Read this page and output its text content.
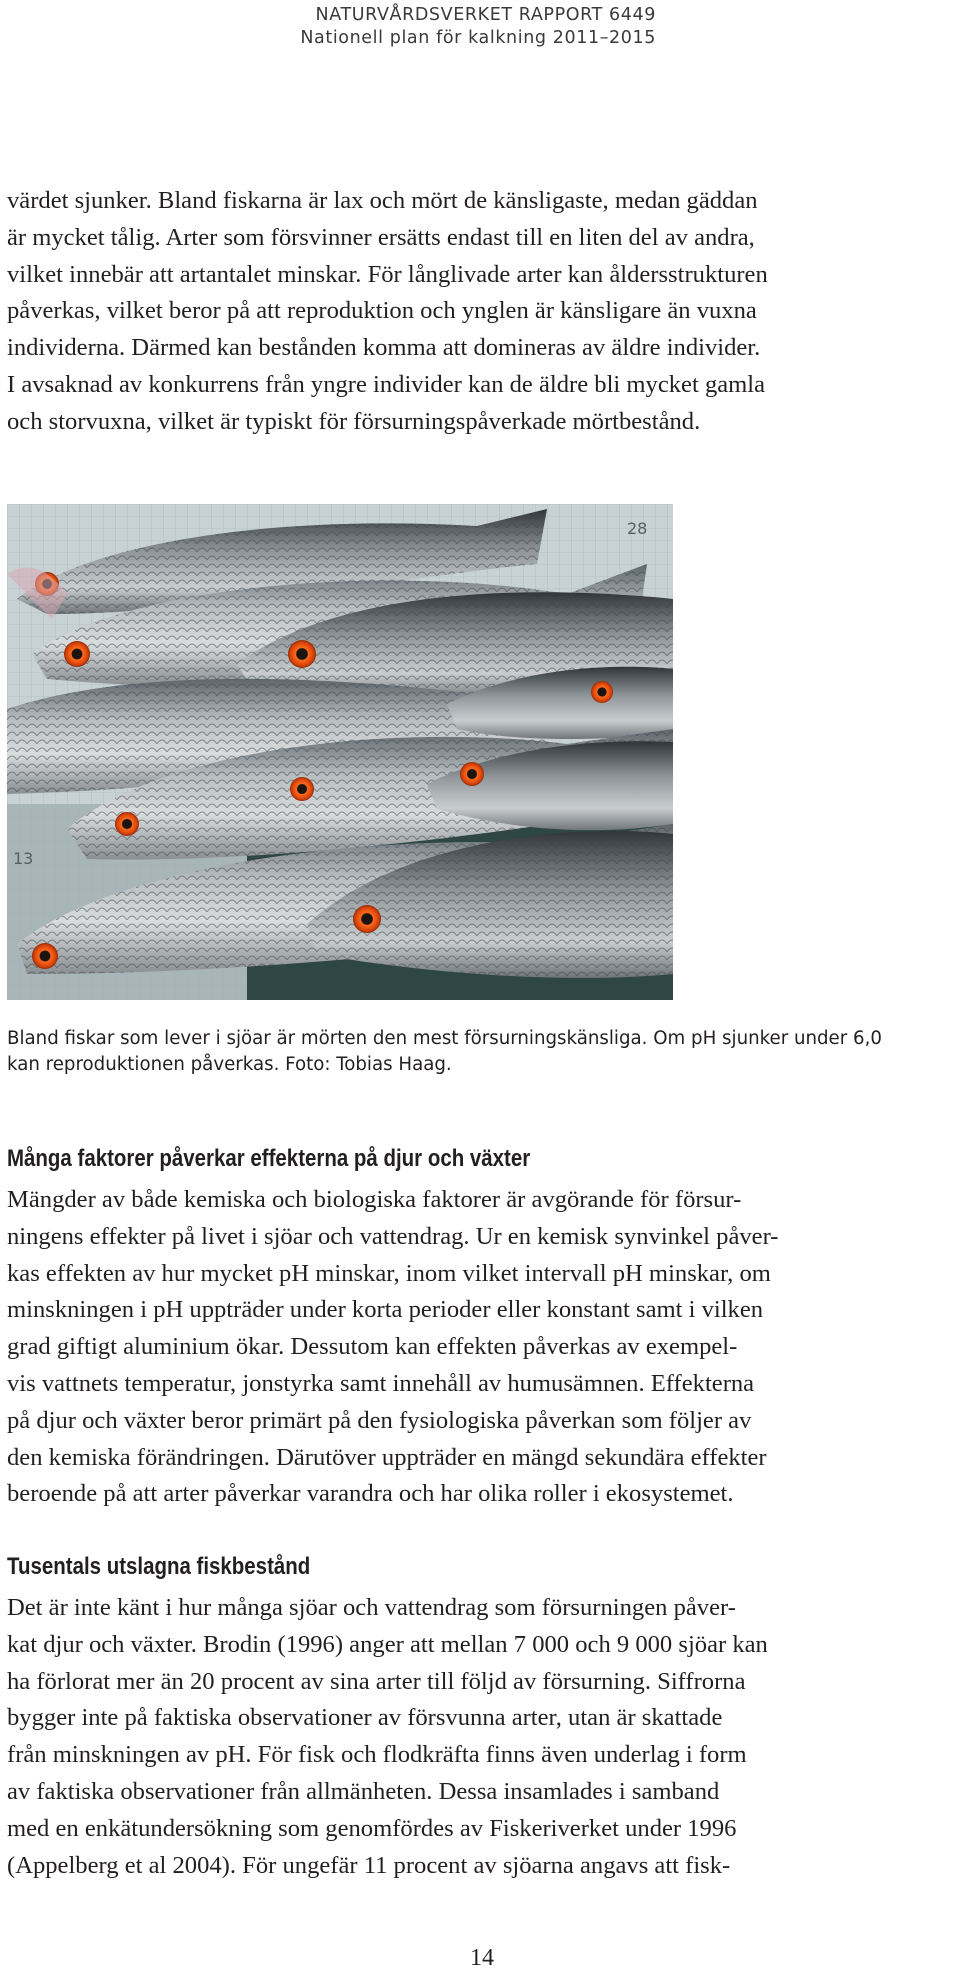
NATURVÅRDSVERKET RAPPORT 6449
Nationell plan för kalkning 2011–2015

värdet sjunker. Bland fiskarna är lax och mört de känsligaste, medan gäddan
är mycket tålig. Arter som försvinner ersätts endast till en liten del av andra,
vilket innebär att artantalet minskar. För långlivade arter kan åldersstrukturen
påverkas, vilket beror på att reproduktion och ynglen är känsligare än vuxna
individerna. Därmed kan bestånden komma att domineras av äldre individer.
I avsaknad av konkurrens från yngre individer kan de äldre bli mycket gamla
och storvuxna, vilket är typiskt för försurningspåverkade mörtbestånd.

28
13
Bland fiskar som lever i sjöar är mörten den mest försurningskänsliga. Om pH sjunker under 6,0
kan reproduktionen påverkas. Foto: Tobias Haag.
Många faktorer påverkar effekterna på djur och växter

Mängder av både kemiska och biologiska faktorer är avgörande för försur-
ningens effekter på livet i sjöar och vattendrag. Ur en kemisk synvinkel påver-
kas effekten av hur mycket pH minskar, inom vilket intervall pH minskar, om
minskningen i pH uppträder under korta perioder eller konstant samt i vilken
grad giftigt aluminium ökar. Dessutom kan effekten påverkas av exempel-
vis vattnets temperatur, jonstyrka samt innehåll av humusämnen. Effekterna
på djur och växter beror primärt på den fysiologiska påverkan som följer av
den kemiska förändringen. Därutöver uppträder en mängd sekundära effekter
beroende på att arter påverkar varandra och har olika roller i ekosystemet.

Tusentals utslagna fiskbestånd

Det är inte känt i hur många sjöar och vattendrag som försurningen påver-
kat djur och växter. Brodin (1996) anger att mellan 7 000 och 9 000 sjöar kan
ha förlorat mer än 20 procent av sina arter till följd av försurning. Siffrorna
bygger inte på faktiska observationer av försvunna arter, utan är skattade
från minskningen av pH. För fisk och flodkräfta finns även underlag i form
av faktiska observationer från allmänheten. Dessa insamlades i samband
med en enkätundersökning som genomfördes av Fiskeriverket under 1996
(Appelberg et al 2004). För ungefär 11 procent av sjöarna angavs att fisk-

14
